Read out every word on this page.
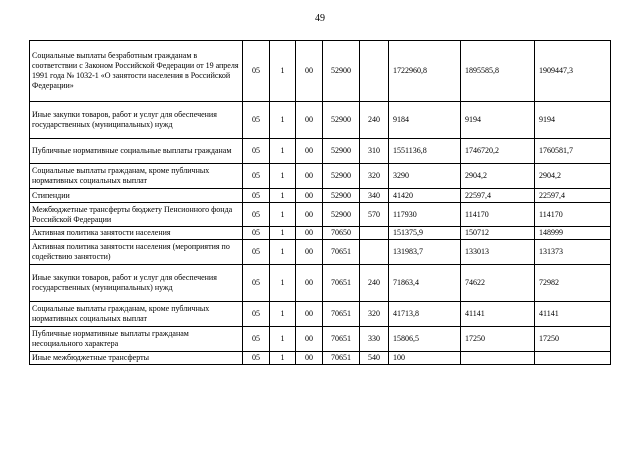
49
Социальные выплаты безработным гражданам в соответствии с Законом Российской Федерации от 19 апреля 1991 года № 1032-1 «О занятости населения в Российской Федерации»	05	1	00	52900		1722960,8	1895585,8	1909447,3
Иные закупки товаров, работ и услуг для обеспечения государственных (муниципальных) нужд	05	1	00	52900	240	9184	9194	9194
Публичные нормативные социальные выплаты гражданам	05	1	00	52900	310	1551136,8	1746720,2	1760581,7
Социальные выплаты гражданам, кроме публичных нормативных социальных выплат	05	1	00	52900	320	3290	2904,2	2904,2
Стипендии	05	1	00	52900	340	41420	22597,4	22597,4
Межбюджетные трансферты бюджету Пенсионного фонда Российской Федерации	05	1	00	52900	570	117930	114170	114170
Активная политика занятости населения	05	1	00	70650		151375,9	150712	148999
Активная политика занятости населения (мероприятия по содействию занятости)	05	1	00	70651		131983,7	133013	131373
Иные закупки товаров, работ и услуг для обеспечения государственных (муниципальных) нужд	05	1	00	70651	240	71863,4	74622	72982
Социальные выплаты гражданам, кроме публичных нормативных социальных выплат	05	1	00	70651	320	41713,8	41141	41141
Публичные нормативные выплаты гражданам несоциального характера	05	1	00	70651	330	15806,5	17250	17250
Иные межбюджетные трансферты	05	1	00	70651	540	100		
